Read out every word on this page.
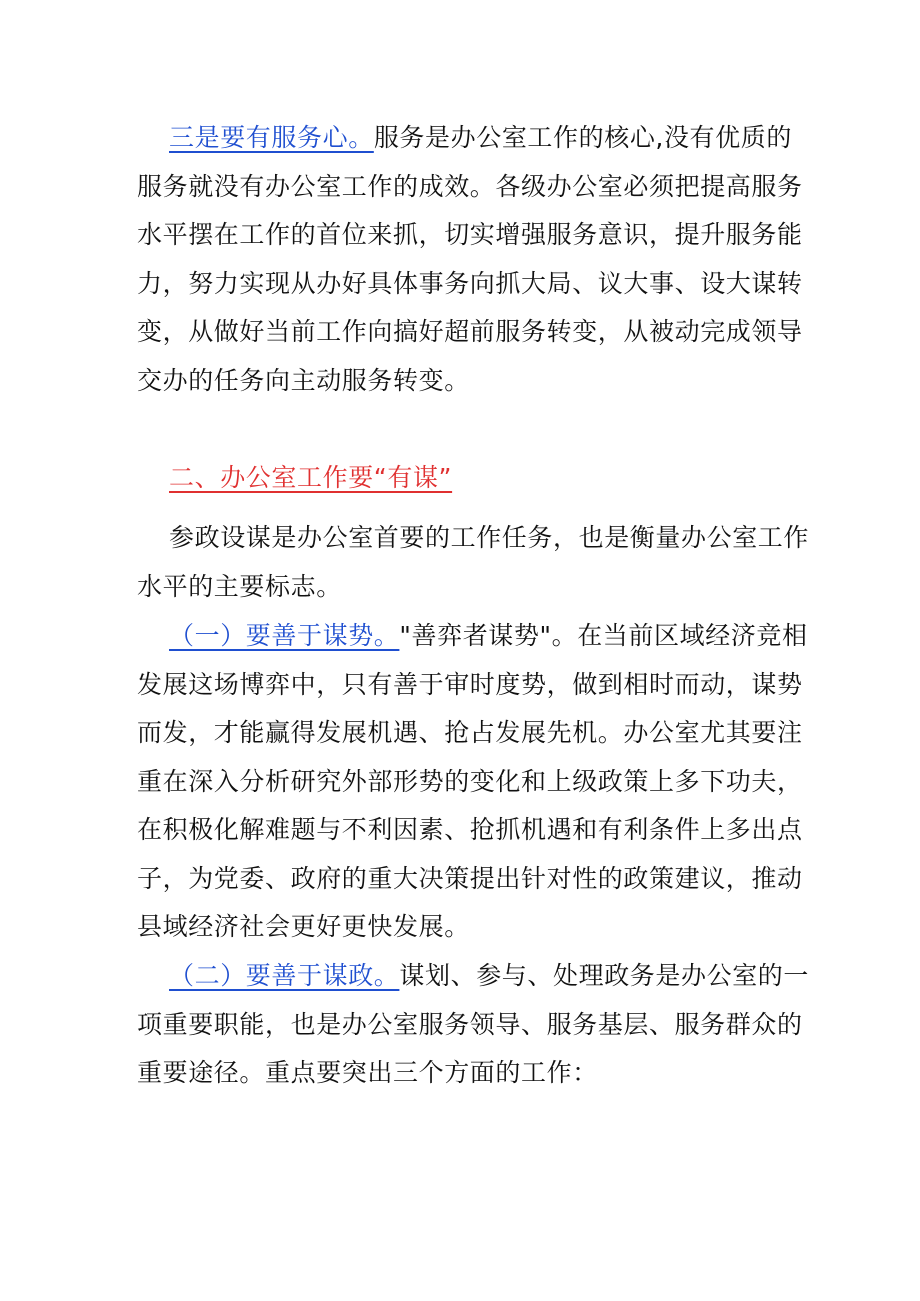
三是要有服务心。服务是办公室工作的核心,没有优质的服务就没有办公室工作的成效。各级办公室必须把提高服务水平摆在工作的首位来抓，切实增强服务意识，提升服务能力，努力实现从办好具体事务向抓大局、议大事、设大谋转变，从做好当前工作向搞好超前服务转变，从被动完成领导交办的任务向主动服务转变。

二、办公室工作要“有谋”

参政设谋是办公室首要的工作任务，也是衡量办公室工作水平的主要标志。

（一）要善于谋势。"善弈者谋势"。在当前区域经济竞相发展这场博弈中，只有善于审时度势，做到相时而动，谋势而发，才能赢得发展机遇、抢占发展先机。办公室尤其要注重在深入分析研究外部形势的变化和上级政策上多下功夫，在积极化解难题与不利因素、抢抓机遇和有利条件上多出点子，为党委、政府的重大决策提出针对性的政策建议，推动县域经济社会更好更快发展。

（二）要善于谋政。谋划、参与、处理政务是办公室的一项重要职能，也是办公室服务领导、服务基层、服务群众的重要途径。重点要突出三个方面的工作：
